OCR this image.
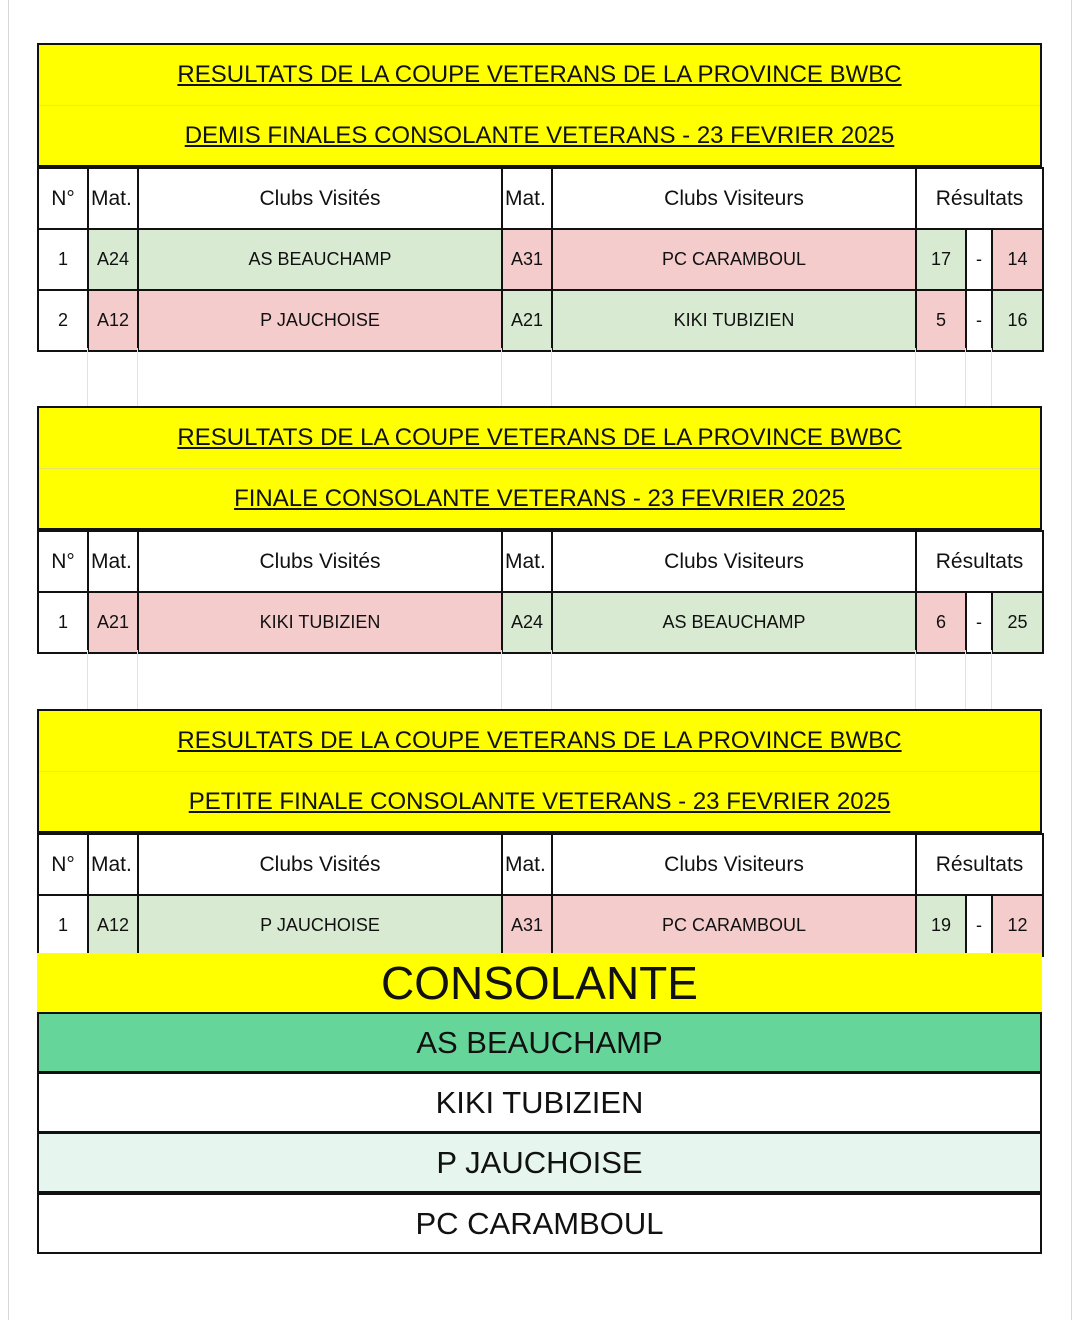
RESULTATS DE LA COUPE VETERANS DE LA PROVINCE BWBC
DEMIS FINALES CONSOLANTE VETERANS - 23 FEVRIER 2025
N°	Mat.	Clubs Visités	Mat.	Clubs Visiteurs	Résultats		
1	A24	AS BEAUCHAMP	A31	PC CARAMBOUL	17	-	14
2	A12	P JAUCHOISE	A21	KIKI TUBIZIEN	5	-	16
RESULTATS DE LA COUPE VETERANS DE LA PROVINCE BWBC
FINALE CONSOLANTE VETERANS - 23 FEVRIER 2025
N°	Mat.	Clubs Visités	Mat.	Clubs Visiteurs	Résultats		
1	A21	KIKI TUBIZIEN	A24	AS BEAUCHAMP	6	-	25
RESULTATS DE LA COUPE VETERANS DE LA PROVINCE BWBC
PETITE FINALE CONSOLANTE VETERANS - 23 FEVRIER 2025
N°	Mat.	Clubs Visités	Mat.	Clubs Visiteurs	Résultats		
1	A12	P JAUCHOISE	A31	PC CARAMBOUL	19	-	12
CONSOLANTE
AS BEAUCHAMP
KIKI TUBIZIEN
P JAUCHOISE
PC CARAMBOUL
